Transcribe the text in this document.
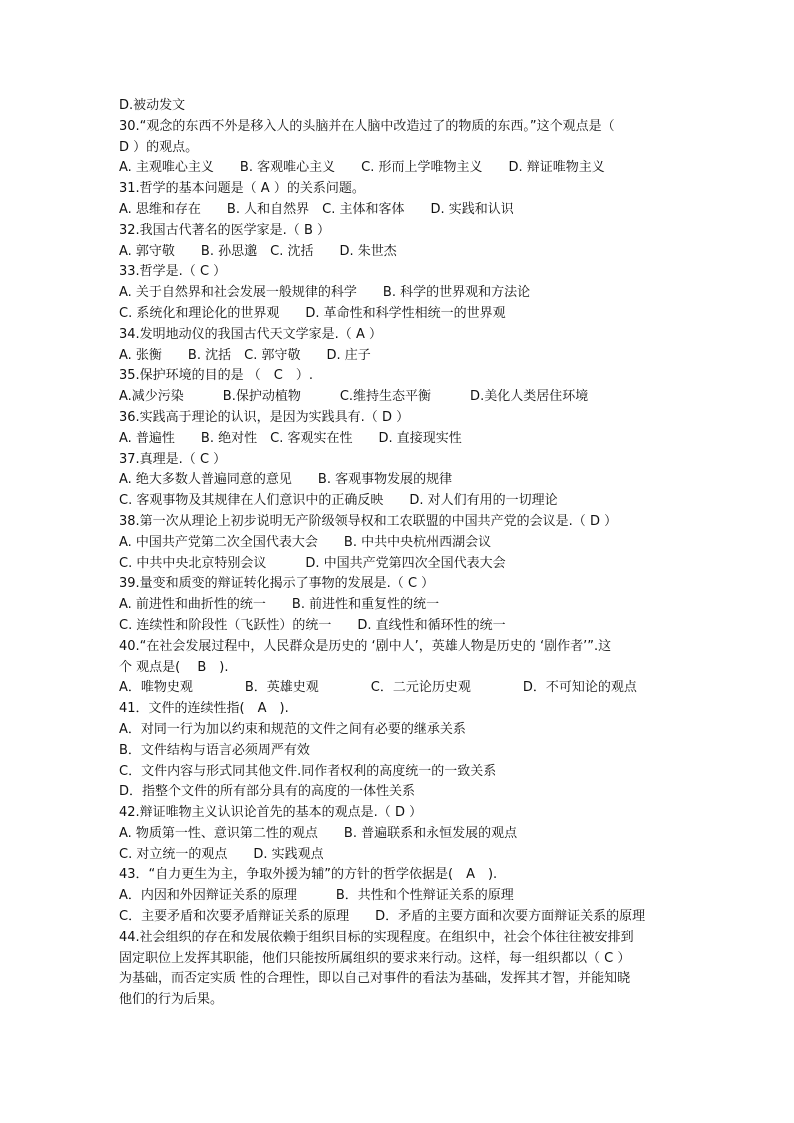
D.被动发文
30.“观念的东西不外是移入人的头脑并在人脑中改造过了的物质的东西。”这个观点是（
D ）的观点。
A. 主观唯心主义　　B. 客观唯心主义　　C. 形而上学唯物主义　　D. 辩证唯物主义
31.哲学的基本问题是（ A ）的关系问题。
A. 思维和存在　　B. 人和自然界　C. 主体和客体　　D. 实践和认识
32.我国古代著名的医学家是.（ B ）
A. 郭守敬　　B. 孙思邈　C. 沈括　　D. 朱世杰
33.哲学是.（ C ）
A. 关于自然界和社会发展一般规律的科学　　B. 科学的世界观和方法论
C. 系统化和理论化的世界观　　D. 革命性和科学性相统一的世界观
34.发明地动仪的我国古代天文学家是.（ A ）
A. 张衡　　B. 沈括　C. 郭守敬　　D. 庄子
35.保护环境的目的是 （　C　）.
A.减少污染　　　B.保护动植物　　　C.维持生态平衡　　　D.美化人类居住环境
36.实践高于理论的认识，是因为实践具有.（ D ）
A. 普遍性　　B. 绝对性　C. 客观实在性　　D. 直接现实性
37.真理是.（ C ）
A. 绝大多数人普遍同意的意见　　B. 客观事物发展的规律
C. 客观事物及其规律在人们意识中的正确反映　　D. 对人们有用的一切理论
38.第一次从理论上初步说明无产阶级领导权和工农联盟的中国共产党的会议是.（ D ）
A. 中国共产党第二次全国代表大会　　B. 中共中央杭州西湖会议
C. 中共中央北京特别会议　　　D. 中国共产党第四次全国代表大会
39.量变和质变的辩证转化揭示了事物的发展是.（ C ）
A. 前进性和曲折性的统一　　B. 前进性和重复性的统一
C. 连续性和阶段性（飞跃性）的统一　　D. 直线性和循环性的统一
40.“在社会发展过程中，人民群众是历史的 ‘剧中人’，英雄人物是历史的 ‘剧作者’”.这
个 观点是(　 B　).
A．唯物史观　　　　B．英雄史观　　　　C．二元论历史观　　　　D．不可知论的观点
41．文件的连续性指(　A　).
A．对同一行为加以约束和规范的文件之间有必要的继承关系
B．文件结构与语言必须周严有效
C．文件内容与形式同其他文件.同作者权利的高度统一的一致关系
D．指整个文件的所有部分具有的高度的一体性关系
42.辩证唯物主义认识论首先的基本的观点是.（ D ）
A. 物质第一性、意识第二性的观点　　B. 普遍联系和永恒发展的观点
C. 对立统一的观点　　D. 实践观点
43．“自力更生为主，争取外援为辅”的方针的哲学依据是(　A　).
A．内因和外因辩证关系的原理　　　B．共性和个性辩证关系的原理
C．主要矛盾和次要矛盾辩证关系的原理　　D．矛盾的主要方面和次要方面辩证关系的原理
44.社会组织的存在和发展依赖于组织目标的实现程度。在组织中，社会个体往往被安排到
固定职位上发挥其职能，他们只能按所属组织的要求来行动。这样，每一组织都以（ C ）
为基础，而否定实质 性的合理性，即以自己对事件的看法为基础，发挥其才智，并能知晓
他们的行为后果。
